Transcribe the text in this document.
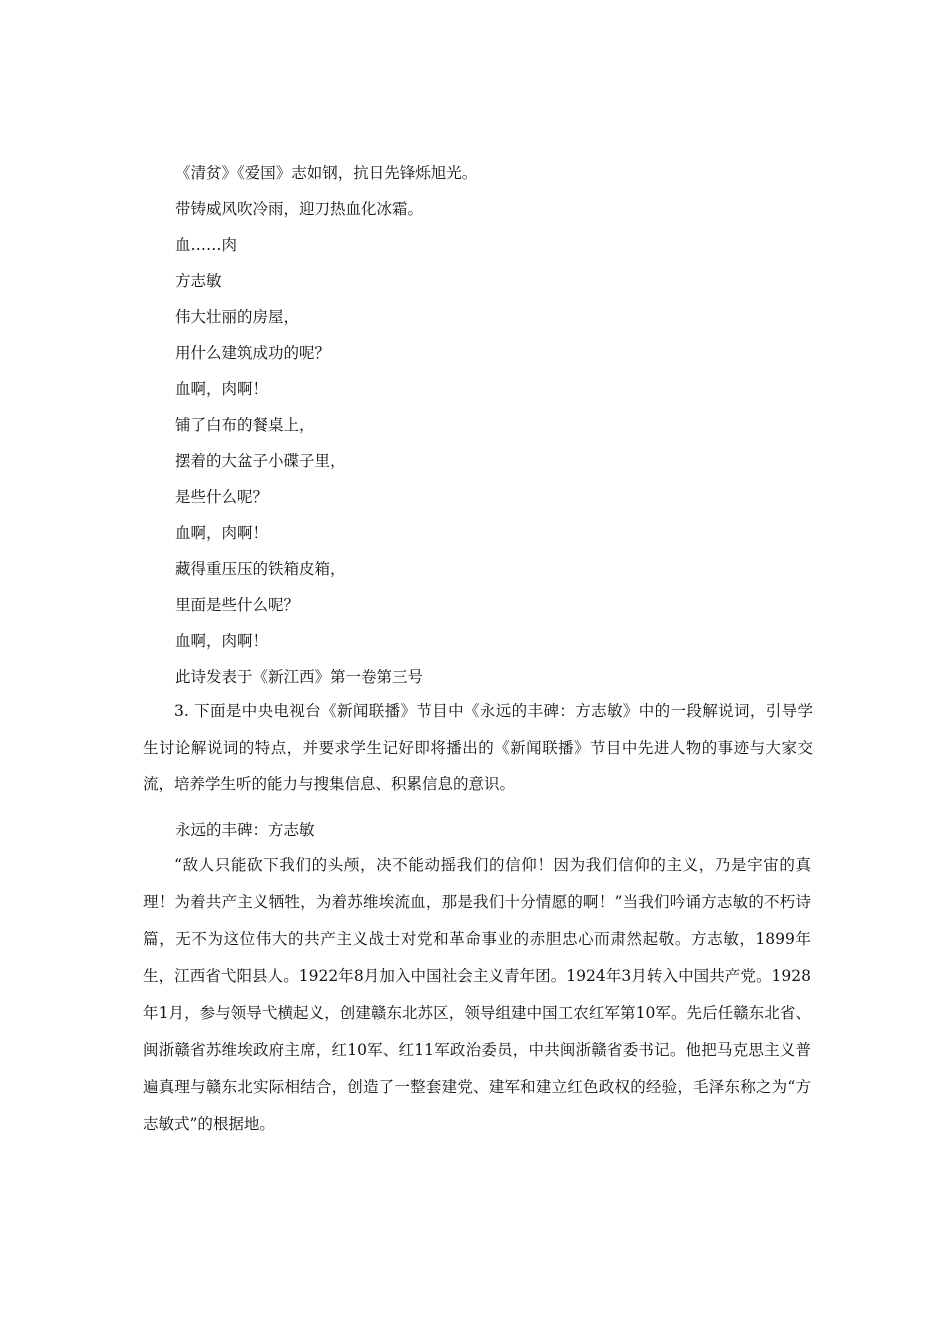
《清贫》《爱国》志如钢，抗日先锋烁旭光。
带铸威风吹冷雨，迎刀热血化冰霜。
血……肉
方志敏
伟大壮丽的房屋，
用什么建筑成功的呢？
血啊，肉啊！
铺了白布的餐桌上，
摆着的大盆子小碟子里，
是些什么呢？
血啊，肉啊！
藏得重压压的铁箱皮箱，
里面是些什么呢？
血啊，肉啊！
此诗发表于《新江西》第一卷第三号
3. 下面是中央电视台《新闻联播》节目中《永远的丰碑：方志敏》中的一段解说词，引导学生讨论解说词的特点，并要求学生记好即将播出的《新闻联播》节目中先进人物的事迹与大家交流，培养学生听的能力与搜集信息、积累信息的意识。
永远的丰碑：方志敏
“敌人只能砍下我们的头颅，决不能动摇我们的信仰！因为我们信仰的主义，乃是宇宙的真理！为着共产主义牺牲，为着苏维埃流血，那是我们十分情愿的啊！”当我们吟诵方志敏的不朽诗篇，无不为这位伟大的共产主义战士对党和革命事业的赤胆忠心而肃然起敬。方志敏，1899年生，江西省弋阳县人。1922年8月加入中国社会主义青年团。1924年3月转入中国共产党。1928年1月，参与领导弋横起义，创建赣东北苏区，领导组建中国工农红军第10军。先后任赣东北省、闽浙赣省苏维埃政府主席，红10军、红11军政治委员，中共闽浙赣省委书记。他把马克思主义普遍真理与赣东北实际相结合，创造了一整套建党、建军和建立红色政权的经验，毛泽东称之为“方志敏式”的根据地。
